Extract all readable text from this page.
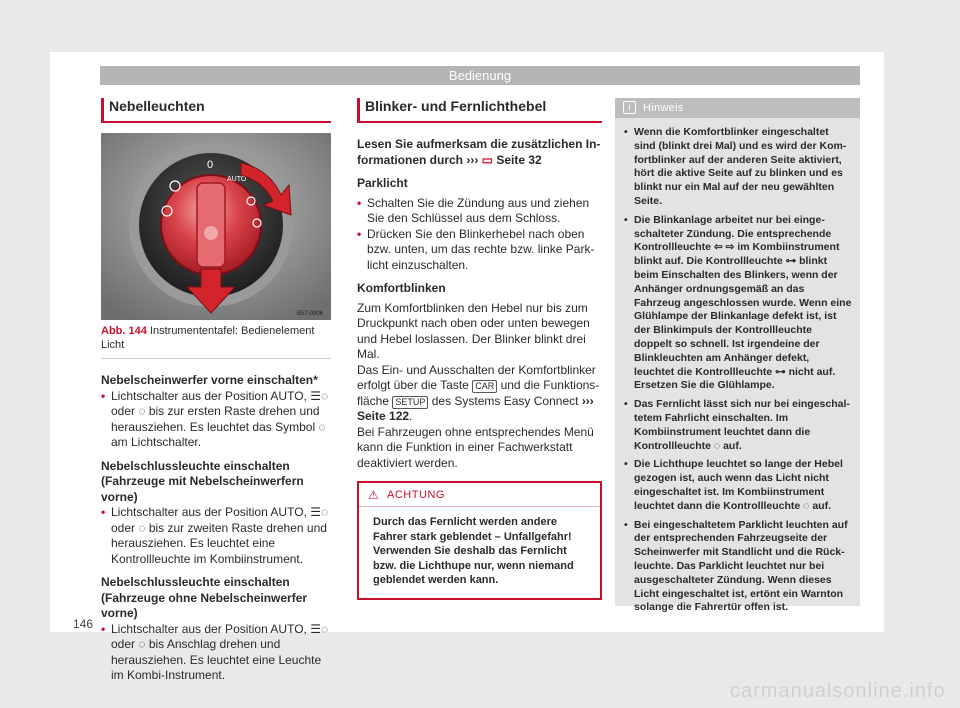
Bedienung
Nebelleuchten
0
AUTO
B57-0906
Abb. 144 Instrumententafel: Bedienelement Licht

Nebelscheinwerfer vorne einschalten*

• Lichtschalter aus der Position AUTO, ☰◌ oder ◌ bis zur ersten Raste drehen und herausziehen. Es leuchtet das Symbol ◌ am Lichtschalter.

Nebelschlussleuchte einschalten (Fahrzeuge mit Nebelscheinwerfern vorne)

• Lichtschalter aus der Position AUTO, ☰◌ oder ◌ bis zur zweiten Raste drehen und herausziehen. Es leuchtet eine Kontrollleuchte im Kombiinstrument.

Nebelschlussleuchte einschalten (Fahrzeuge ohne Nebelscheinwerfer vorne)

• Lichtschalter aus der Position AUTO, ☰◌ oder ◌ bis Anschlag drehen und herausziehen. Es leuchtet eine Leuchte im Kombi-Instrument.

Blinker- und Fernlichthebel

Lesen Sie aufmerksam die zusätzlichen Informationen durch ››› ▭ Seite 32

Parklicht

• Schalten Sie die Zündung aus und ziehen Sie den Schlüssel aus dem Schloss.

• Drücken Sie den Blinkerhebel nach oben bzw. unten, um das rechte bzw. linke Parklicht einzuschalten.

Komfortblinken

Zum Komfortblinken den Hebel nur bis zum Druckpunkt nach oben oder unten bewegen und Hebel loslassen. Der Blinker blinkt drei Mal.

Das Ein- und Ausschalten der Komfortblinker erfolgt über die Taste CAR und die Funktionsfläche SETUP des Systems Easy Connect ››› Seite 122.

Bei Fahrzeugen ohne entsprechendes Menü kann die Funktion in einer Fachwerkstatt deaktiviert werden.

⚠ ACHTUNG
Durch das Fernlicht werden andere Fahrer stark geblendet – Unfallgefahr! Verwenden Sie deshalb das Fernlicht bzw. die Lichthupe nur, wenn niemand geblendet werden kann.
i	Hinweis
• Wenn die Komfortblinker eingeschaltet sind (blinkt drei Mal) und es wird der Komfortblinker auf der anderen Seite aktiviert, hört die aktive Seite auf zu blinken und es blinkt nur ein Mal auf der neu gewählten Seite.
• Die Blinkanlage arbeitet nur bei eingeschalteter Zündung. Die entsprechende Kontrollleuchte ⇦ ⇨ im Kombiinstrument blinkt auf. Die Kontrollleuchte ⊶ blinkt beim Einschalten des Blinkers, wenn der Anhänger ordnungsgemäß an das Fahrzeug angeschlossen wurde. Wenn eine Glühlampe der Blinkanlage defekt ist, ist der Blinkimpuls der Kontrollleuchte doppelt so schnell. Ist irgendeine der Blinkleuchten am Anhänger defekt, leuchtet die Kontrollleuchte ⊶ nicht auf. Ersetzen Sie die Glühlampe.
• Das Fernlicht lässt sich nur bei eingeschaltetem Fahrlicht einschalten. Im Kombiinstrument leuchtet dann die Kontrollleuchte ◌ auf.
• Die Lichthupe leuchtet so lange der Hebel gezogen ist, auch wenn das Licht nicht eingeschaltet ist. Im Kombiinstrument leuchtet dann die Kontrollleuchte ◌ auf.
• Bei eingeschaltetem Parklicht leuchten auf der entsprechenden Fahrzeugseite der Scheinwerfer mit Standlicht und die Rückleuchte. Das Parklicht leuchtet nur bei ausgeschalteter Zündung. Wenn dieses Licht eingeschaltet ist, ertönt ein Warnton solange die Fahrertür offen ist.
146
carmanualsonline.info
